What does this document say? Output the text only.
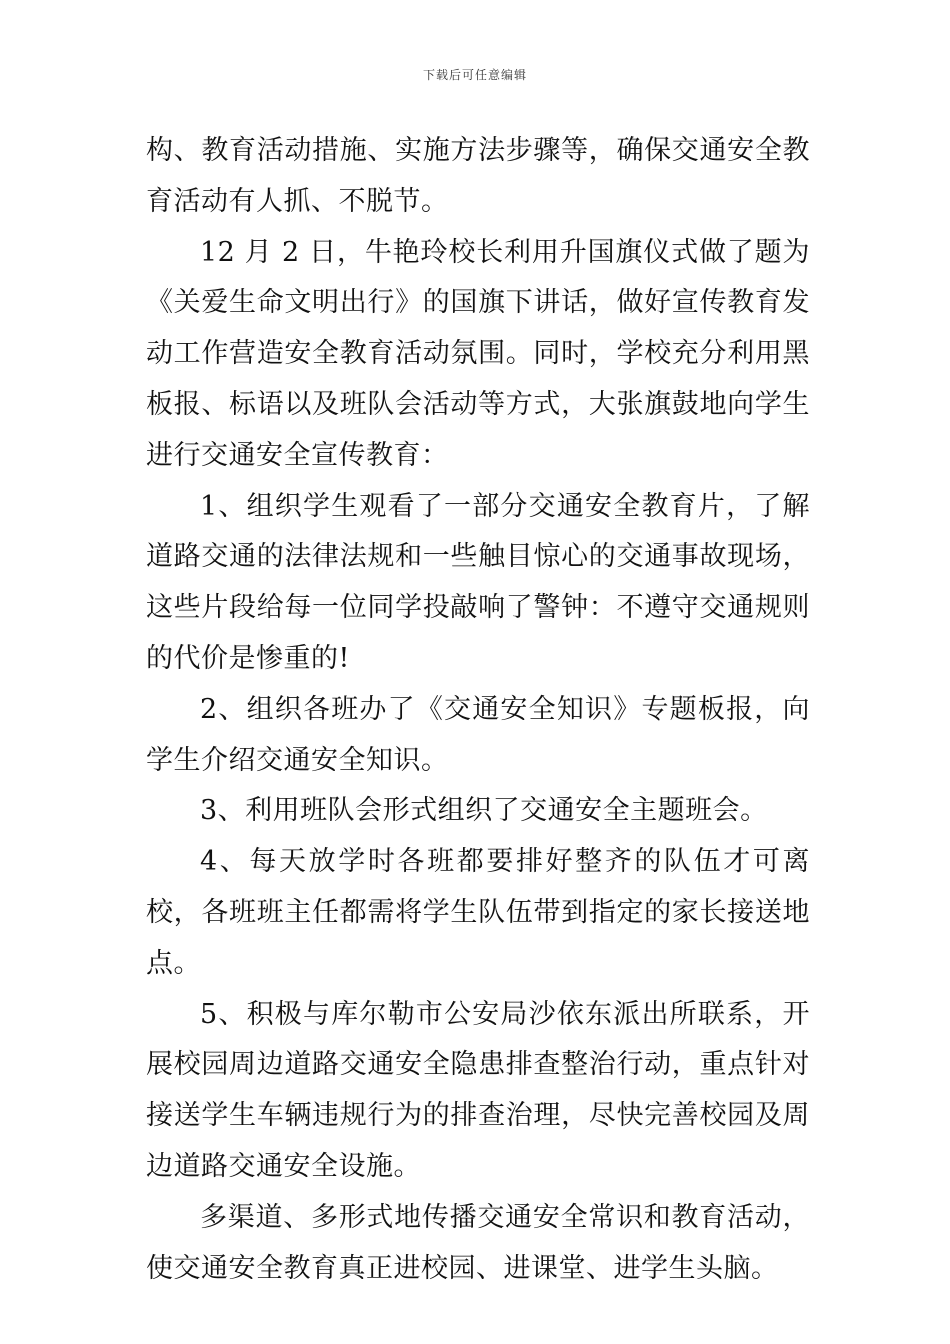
下载后可任意编辑

构、教育活动措施、实施方法步骤等，确保交通安全教育活动有人抓、不脱节。

12 月 2 日，牛艳玲校长利用升国旗仪式做了题为《关爱生命文明出行》的国旗下讲话，做好宣传教育发动工作营造安全教育活动氛围。同时，学校充分利用黑板报、标语以及班队会活动等方式，大张旗鼓地向学生进行交通安全宣传教育：

1、组织学生观看了一部分交通安全教育片，了解道路交通的法律法规和一些触目惊心的交通事故现场，这些片段给每一位同学投敲响了警钟：不遵守交通规则的代价是惨重的!

2、组织各班办了《交通安全知识》专题板报，向学生介绍交通安全知识。

3、利用班队会形式组织了交通安全主题班会。

4、每天放学时各班都要排好整齐的队伍才可离校，各班班主任都需将学生队伍带到指定的家长接送地点。

5、积极与库尔勒市公安局沙依东派出所联系，开展校园周边道路交通安全隐患排查整治行动，重点针对接送学生车辆违规行为的排查治理，尽快完善校园及周边道路交通安全设施。

多渠道、多形式地传播交通安全常识和教育活动，使交通安全教育真正进校园、进课堂、进学生头脑。
